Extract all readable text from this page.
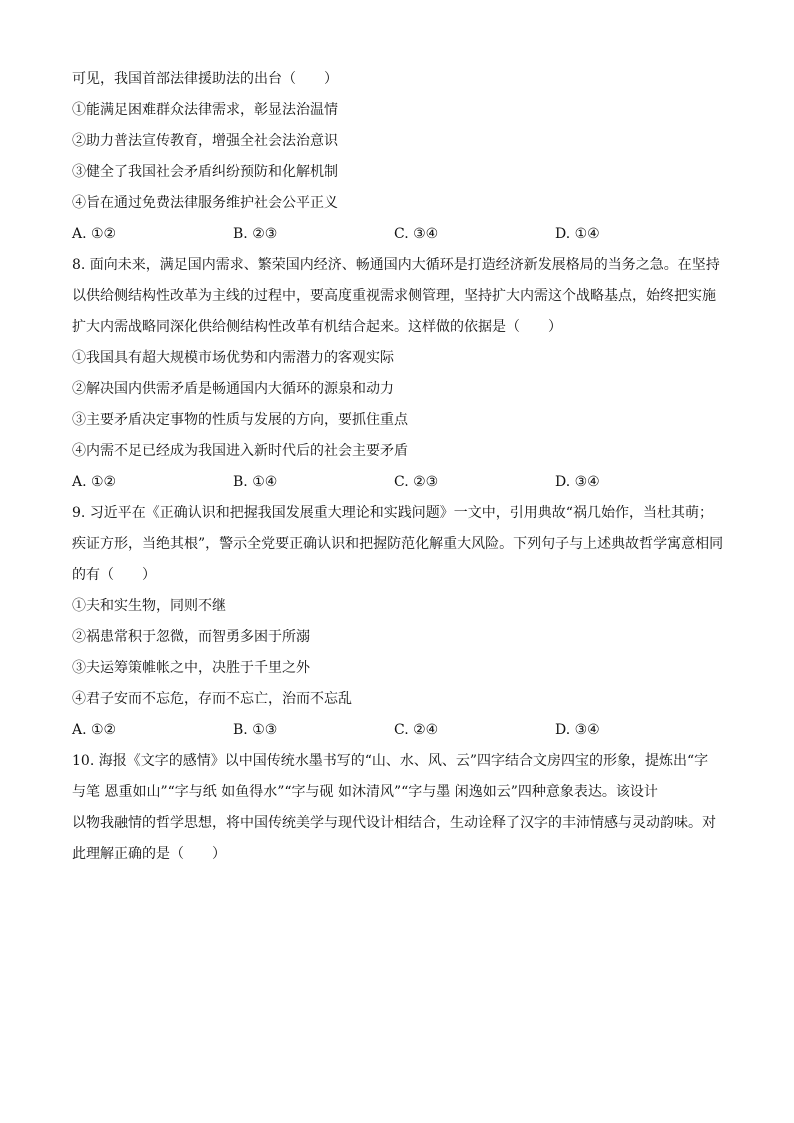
可见，我国首部法律援助法的出台（　　）
①能满足困难群众法律需求，彰显法治温情
②助力普法宣传教育，增强全社会法治意识
③健全了我国社会矛盾纠纷预防和化解机制
④旨在通过免费法律服务维护社会公平正义
A. ①②	B. ②③	C. ③④	D. ①④
8. 面向未来，满足国内需求、繁荣国内经济、畅通国内大循环是打造经济新发展格局的当务之急。在坚持
以供给侧结构性改革为主线的过程中，要高度重视需求侧管理，坚持扩大内需这个战略基点，始终把实施
扩大内需战略同深化供给侧结构性改革有机结合起来。这样做的依据是（　　）
①我国具有超大规模市场优势和内需潜力的客观实际
②解决国内供需矛盾是畅通国内大循环的源泉和动力
③主要矛盾决定事物的性质与发展的方向，要抓住重点
④内需不足已经成为我国进入新时代后的社会主要矛盾
A. ①②	B. ①④	C. ②③	D. ③④
9. 习近平在《正确认识和把握我国发展重大理论和实践问题》一文中，引用典故“祸几始作，当杜其萌；
疾证方形，当绝其根”，警示全党要正确认识和把握防范化解重大风险。下列句子与上述典故哲学寓意相同
的有（　　）
①夫和实生物，同则不继
②祸患常积于忽微，而智勇多困于所溺
③夫运筹策帷帐之中，决胜于千里之外
④君子安而不忘危，存而不忘亡，治而不忘乱
A. ①②	B. ①③	C. ②④	D. ③④
10. 海报《文字的感情》以中国传统水墨书写的“山、水、风、云”四字结合文房四宝的形象，提炼出“字
与笔 恩重如山”“字与纸 如鱼得水”“字与砚 如沐清风”“字与墨 闲逸如云”四种意象表达。该设计
以物我融情的哲学思想，将中国传统美学与现代设计相结合，生动诠释了汉字的丰沛情感与灵动韵味。对
此理解正确的是（　　）
